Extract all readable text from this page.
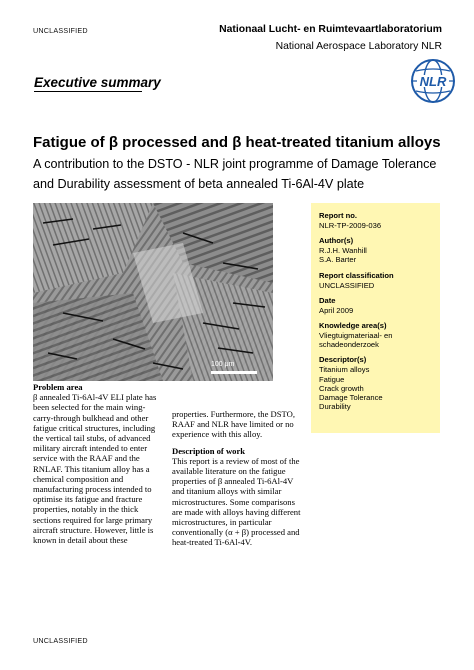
UNCLASSIFIED	Nationaal Lucht- en Ruimtevaartlaboratorium
National Aerospace Laboratory NLR
NLR
Executive summary
Fatigue of β processed and β heat-treated titanium alloys
A contribution to the DSTO - NLR joint programme of Damage Tolerance and Durability assessment of beta annealed Ti-6Al-4V plate
100 μm
Report no.
NLR-TP-2009-036
Author(s)
R.J.H. Wanhill
S.A. Barter
Report classification
UNCLASSIFIED
Date
April 2009
Knowledge area(s)
Vliegtuigmateriaal- en
schadeonderzoek
Descriptor(s)
Titanium alloys
Fatigue
Crack growth
Damage Tolerance
Durability
Problem area
β annealed Ti-6Al-4V ELI plate has been selected for the main wing-carry-through bulkhead and other fatigue critical structures, including the vertical tail stubs, of advanced military aircraft intended to enter service with the RAAF and the RNLAF. This titanium alloy has a chemical composition and manufacturing process intended to optimise its fatigue and fracture properties, notably in the thick sections required for large primary aircraft structure. However, little is known in detail about these
properties. Furthermore, the DSTO, RAAF and NLR have limited or no experience with this alloy.
Description of work
This report is a review of most of the available literature on the fatigue properties of β annealed Ti-6Al-4V and titanium alloys with similar microstructures. Some comparisons are made with alloys having different microstructures, in particular conventionally (α + β) processed and heat-treated Ti-6Al-4V.
UNCLASSIFIED
